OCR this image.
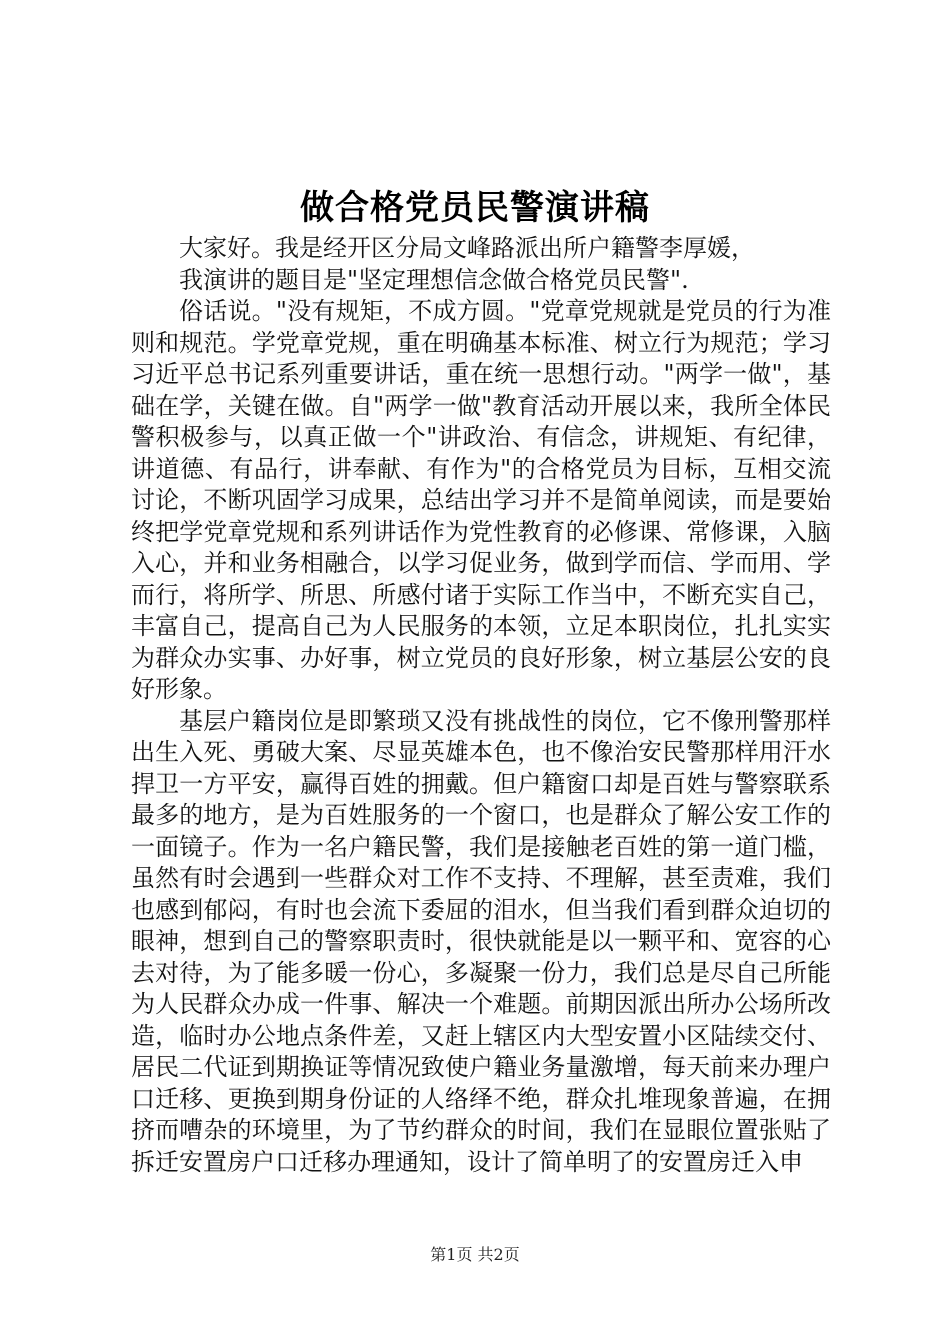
做合格党员民警演讲稿

大家好。我是经开区分局文峰路派出所户籍警李厚媛，

我演讲的题目是"坚定理想信念做合格党员民警".

俗话说。"没有规矩，不成方圆。"党章党规就是党员的行为准则和规范。学党章党规，重在明确基本标准、树立行为规范；学习习近平总书记系列重要讲话，重在统一思想行动。"两学一做"，基础在学，关键在做。自"两学一做"教育活动开展以来，我所全体民警积极参与，以真正做一个"讲政治、有信念，讲规矩、有纪律，讲道德、有品行，讲奉献、有作为"的合格党员为目标，互相交流讨论，不断巩固学习成果，总结出学习并不是简单阅读，而是要始终把学党章党规和系列讲话作为党性教育的必修课、常修课，入脑入心，并和业务相融合，以学习促业务，做到学而信、学而用、学而行，将所学、所思、所感付诸于实际工作当中，不断充实自己，丰富自己，提高自己为人民服务的本领，立足本职岗位，扎扎实实为群众办实事、办好事，树立党员的良好形象，树立基层公安的良好形象。

基层户籍岗位是即繁琐又没有挑战性的岗位，它不像刑警那样出生入死、勇破大案、尽显英雄本色，也不像治安民警那样用汗水捍卫一方平安，赢得百姓的拥戴。但户籍窗口却是百姓与警察联系最多的地方，是为百姓服务的一个窗口，也是群众了解公安工作的一面镜子。作为一名户籍民警，我们是接触老百姓的第一道门槛，虽然有时会遇到一些群众对工作不支持、不理解，甚至责难，我们也感到郁闷，有时也会流下委屈的泪水，但当我们看到群众迫切的眼神，想到自己的警察职责时，很快就能是以一颗平和、宽容的心去对待，为了能多暖一份心，多凝聚一份力，我们总是尽自己所能为人民群众办成一件事、解决一个难题。前期因派出所办公场所改造，临时办公地点条件差，又赶上辖区内大型安置小区陆续交付、居民二代证到期换证等情况致使户籍业务量激增，每天前来办理户口迁移、更换到期身份证的人络绎不绝，群众扎堆现象普遍，在拥挤而嘈杂的环境里，为了节约群众的时间，我们在显眼位置张贴了拆迁安置房户口迁移办理通知，设计了简单明了的安置房迁入申

第1页 共2页
